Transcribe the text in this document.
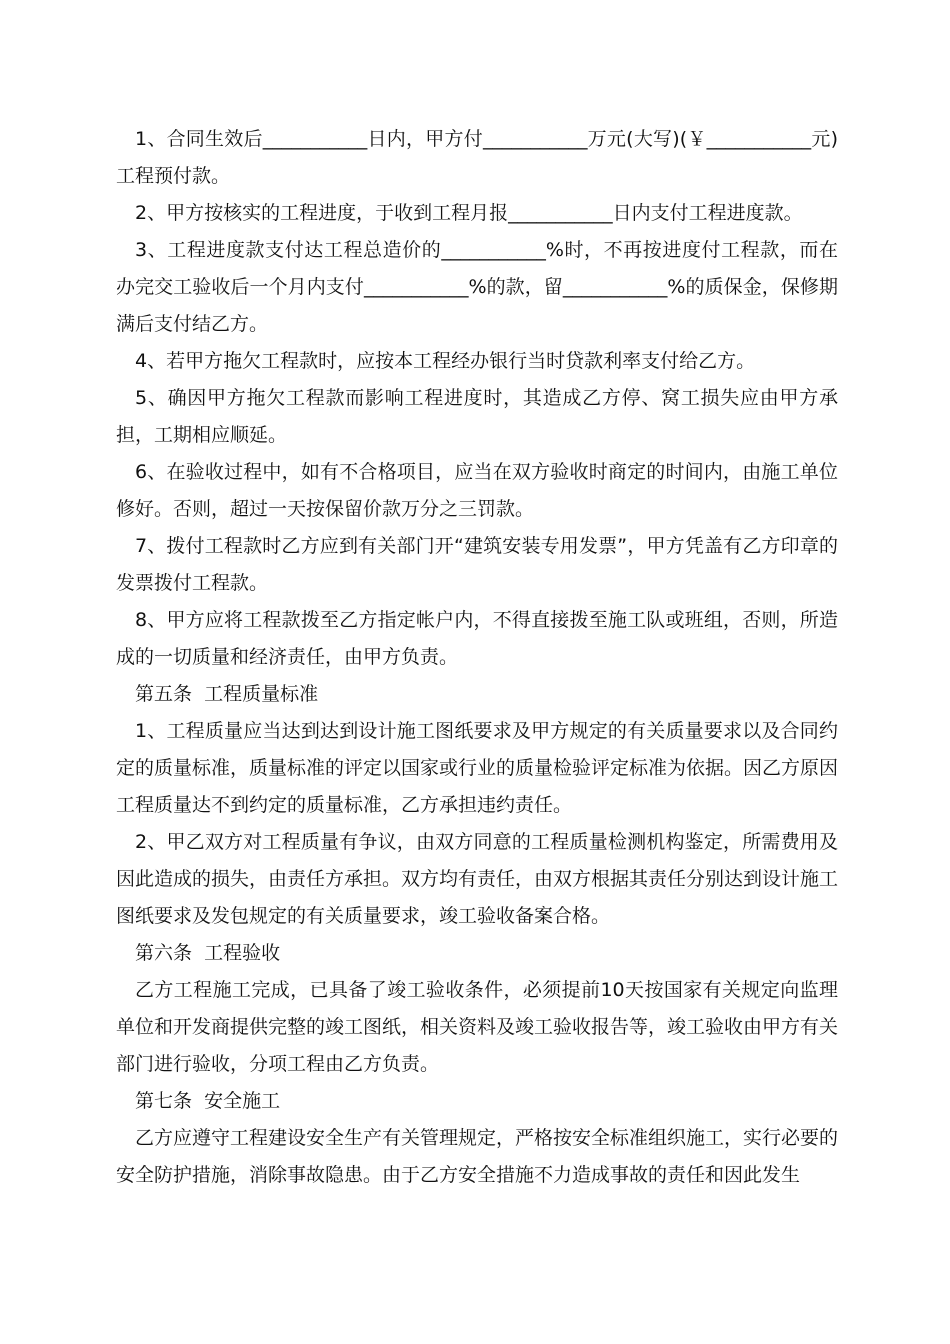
1、合同生效后___________日内，甲方付___________万元(大写)(￥___________元)工程预付款。

2、甲方按核实的工程进度，于收到工程月报___________日内支付工程进度款。

3、工程进度款支付达工程总造价的___________%时，不再按进度付工程款，而在办完交工验收后一个月内支付___________%的款，留___________%的质保金，保修期满后支付结乙方。

4、若甲方拖欠工程款时，应按本工程经办银行当时贷款利率支付给乙方。

5、确因甲方拖欠工程款而影响工程进度时，其造成乙方停、窝工损失应由甲方承担，工期相应顺延。

6、在验收过程中，如有不合格项目，应当在双方验收时商定的时间内，由施工单位修好。否则，超过一天按保留价款万分之三罚款。

7、拨付工程款时乙方应到有关部门开“建筑安装专用发票”，甲方凭盖有乙方印章的发票拨付工程款。

8、甲方应将工程款拨至乙方指定帐户内，不得直接拨至施工队或班组，否则，所造成的一切质量和经济责任，由甲方负责。

第五条  工程质量标准

1、工程质量应当达到达到设计施工图纸要求及甲方规定的有关质量要求以及合同约定的质量标准，质量标准的评定以国家或行业的质量检验评定标准为依据。因乙方原因工程质量达不到约定的质量标准，乙方承担违约责任。

2、甲乙双方对工程质量有争议，由双方同意的工程质量检测机构鉴定，所需费用及因此造成的损失，由责任方承担。双方均有责任，由双方根据其责任分别达到设计施工图纸要求及发包规定的有关质量要求，竣工验收备案合格。

第六条  工程验收

乙方工程施工完成，已具备了竣工验收条件，必须提前10天按国家有关规定向监理单位和开发商提供完整的竣工图纸，相关资料及竣工验收报告等，竣工验收由甲方有关部门进行验收，分项工程由乙方负责。

第七条  安全施工

乙方应遵守工程建设安全生产有关管理规定，严格按安全标准组织施工，实行必要的安全防护措施，消除事故隐患。由于乙方安全措施不力造成事故的责任和因此发生
